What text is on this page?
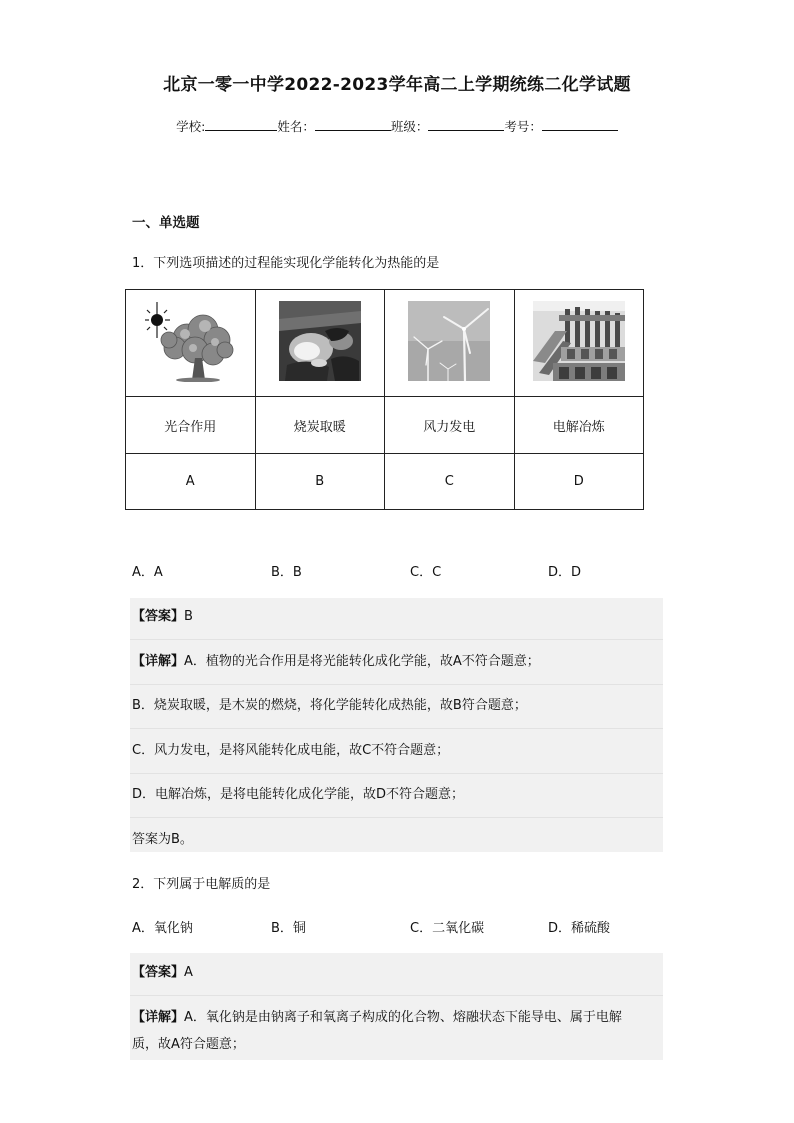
北京一零一中学2022-2023学年高二上学期统练二化学试题
学校:	姓名：	班级：	考号：
一、单选题
1．下列选项描述的过程能实现化学能转化为热能的是

光合作用	烧炭取暖	风力发电	电解冶炼
A	B	C	D
A．A	B．B	C．C	D．D
【答案】B
【详解】A．植物的光合作用是将光能转化成化学能，故A不符合题意；
B．烧炭取暖，是木炭的燃烧，将化学能转化成热能，故B符合题意；
C．风力发电，是将风能转化成电能，故C不符合题意；
D．电解冶炼，是将电能转化成化学能，故D不符合题意；
答案为B。
2．下列属于电解质的是
A．氧化钠	B．铜	C．二氧化碳	D．稀硫酸
【答案】A
【详解】A．氧化钠是由钠离子和氧离子构成的化合物、熔融状态下能导电、属于电解
质，故A符合题意；
